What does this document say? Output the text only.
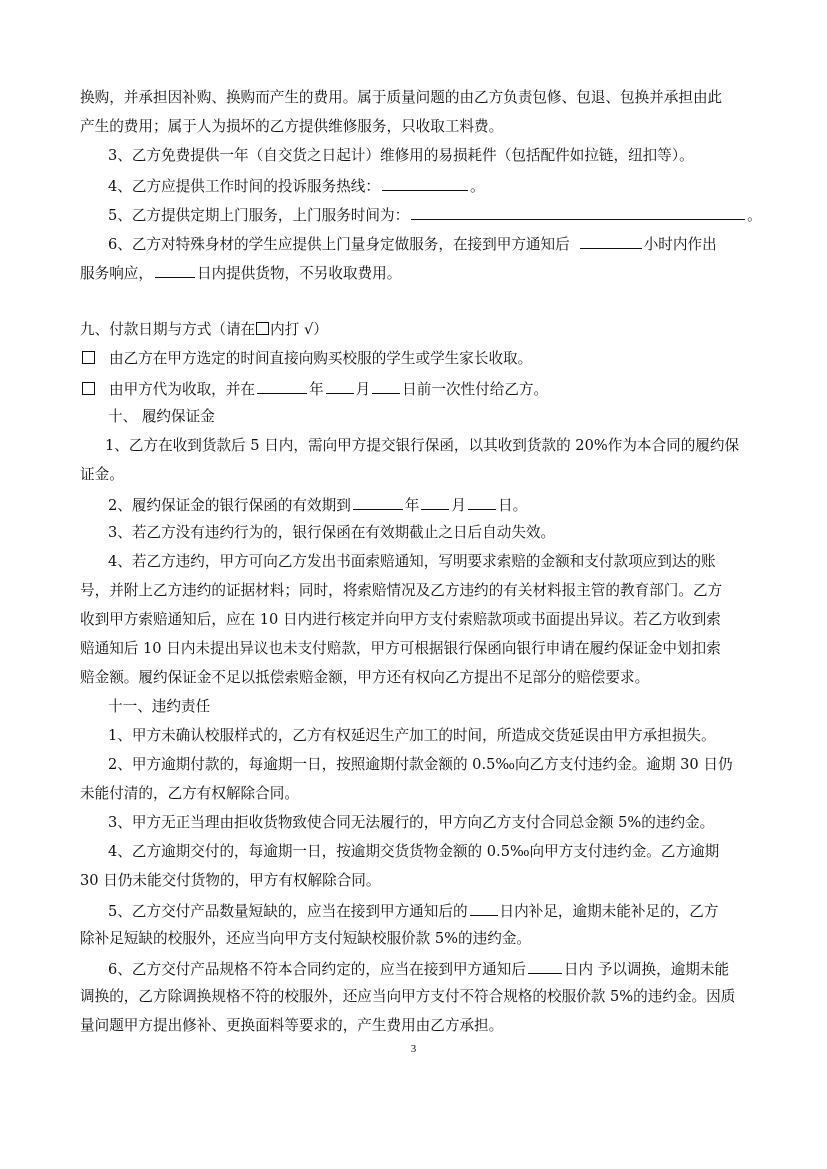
换购，并承担因补购、换购而产生的费用。属于质量问题的由乙方负责包修、包退、包换并承担由此
产生的费用；属于人为损坏的乙方提供维修服务，只收取工料费。
3、乙方免费提供一年（自交货之日起计）维修用的易损耗件（包括配件如拉链，纽扣等）。
4、乙方应提供工作时间的投诉服务热线：	。
5、乙方提供定期上门服务，上门服务时间为：	。
6、乙方对特殊身材的学生应提供上门量身定做服务，在接到甲方通知后	小时内作出
服务响应，	日内提供货物，不另收取费用。
九、付款日期与方式（请在 内打 √）
由乙方在甲方选定的时间直接向购买校服的学生或学生家长收取。
由甲方代为收取，并在	年 月 日前一次性付给乙方。
十、 履约保证金
1、乙方在收到货款后 5 日内，需向甲方提交银行保函，以其收到货款的 20%作为本合同的履约保
证金。
2、履约保证金的银行保函的有效期到	年 月 日。
3、若乙方没有违约行为的，银行保函在有效期截止之日后自动失效。
4、若乙方违约，甲方可向乙方发出书面索赔通知，写明要求索赔的金额和支付款项应到达的账
号，并附上乙方违约的证据材料；同时，将索赔情况及乙方违约的有关材料报主管的教育部门。乙方
收到甲方索赔通知后，应在 10 日内进行核定并向甲方支付索赔款项或书面提出异议。若乙方收到索
赔通知后 10 日内未提出异议也未支付赔款，甲方可根据银行保函向银行申请在履约保证金中划扣索
赔金额。履约保证金不足以抵偿索赔金额，甲方还有权向乙方提出不足部分的赔偿要求。
十一、违约责任
1、甲方未确认校服样式的，乙方有权延迟生产加工的时间，所造成交货延误由甲方承担损失。
2、甲方逾期付款的，每逾期一日，按照逾期付款金额的 0.5‰向乙方支付违约金。逾期 30 日仍
未能付清的，乙方有权解除合同。
3、甲方无正当理由拒收货物致使合同无法履行的，甲方向乙方支付合同总金额 5%的违约金。
4、乙方逾期交付的，每逾期一日，按逾期交货货物金额的 0.5‰向甲方支付违约金。乙方逾期
30 日仍未能交付货物的，甲方有权解除合同。
5、乙方交付产品数量短缺的，应当在接到甲方通知后的 日内补足，逾期未能补足的，乙方
除补足短缺的校服外，还应当向甲方支付短缺校服价款 5%的违约金。
6、乙方交付产品规格不符本合同约定的，应当在接到甲方通知后	日内 予以调换，逾期未能
调换的，乙方除调换规格不符的校服外，还应当向甲方支付不符合规格的校服价款 5%的违约金。因质
量问题甲方提出修补、更换面料等要求的，产生费用由乙方承担。
3
